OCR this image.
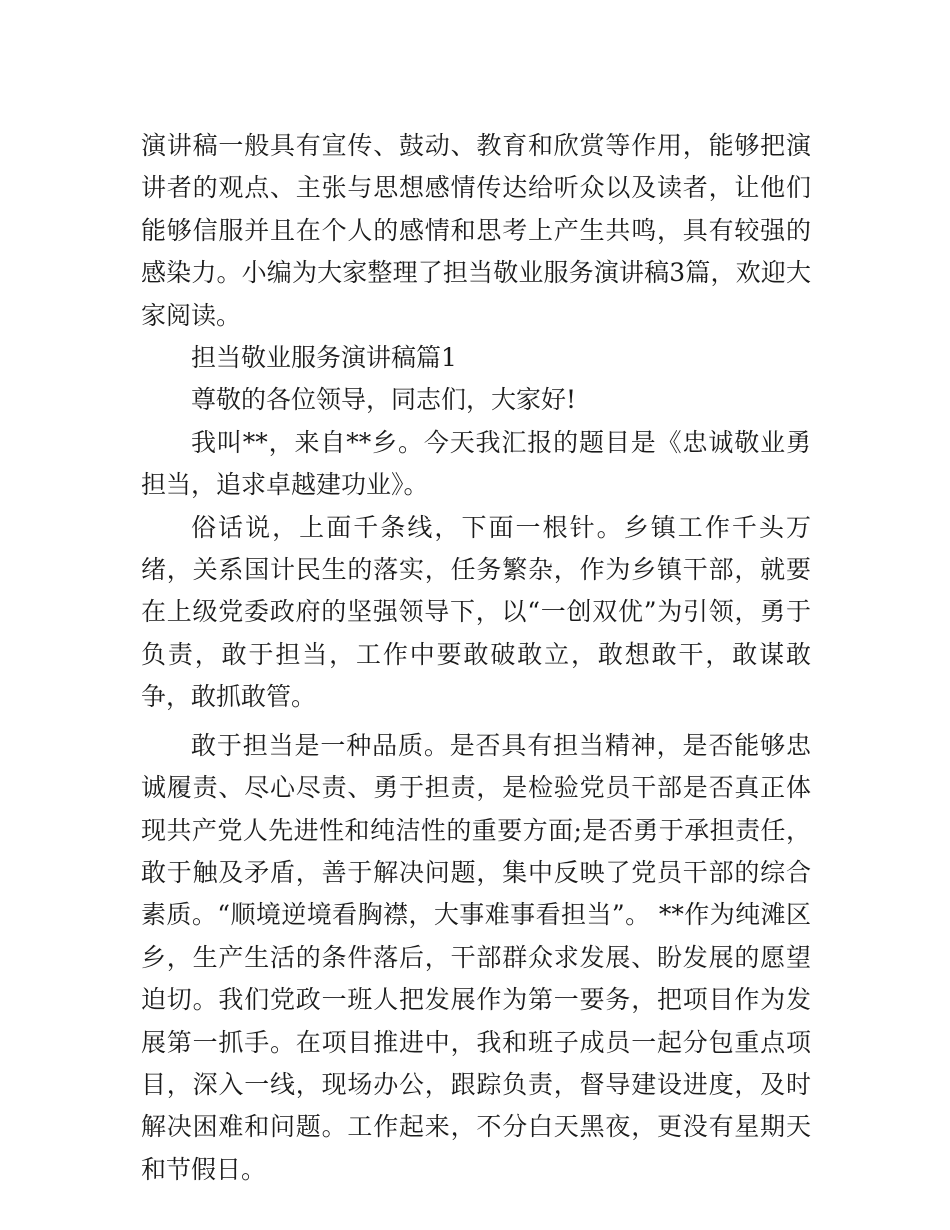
演讲稿一般具有宣传、鼓动、教育和欣赏等作用，能够把演讲者的观点、主张与思想感情传达给听众以及读者，让他们能够信服并且在个人的感情和思考上产生共鸣，具有较强的感染力。小编为大家整理了担当敬业服务演讲稿3篇，欢迎大家阅读。

担当敬业服务演讲稿篇1

尊敬的各位领导，同志们，大家好!

我叫**，来自**乡。今天我汇报的题目是《忠诚敬业勇担当，追求卓越建功业》。

俗话说，上面千条线，下面一根针。乡镇工作千头万绪，关系国计民生的落实，任务繁杂，作为乡镇干部，就要在上级党委政府的坚强领导下，以“一创双优”为引领，勇于负责，敢于担当，工作中要敢破敢立，敢想敢干，敢谋敢争，敢抓敢管。

敢于担当是一种品质。是否具有担当精神，是否能够忠诚履责、尽心尽责、勇于担责，是检验党员干部是否真正体现共产党人先进性和纯洁性的重要方面;是否勇于承担责任，敢于触及矛盾，善于解决问题，集中反映了党员干部的综合素质。“顺境逆境看胸襟，大事难事看担当”。 **作为纯滩区乡，生产生活的条件落后，干部群众求发展、盼发展的愿望迫切。我们党政一班人把发展作为第一要务，把项目作为发展第一抓手。在项目推进中，我和班子成员一起分包重点项目，深入一线，现场办公，跟踪负责，督导建设进度，及时解决困难和问题。工作起来，不分白天黑夜，更没有星期天和节假日。
